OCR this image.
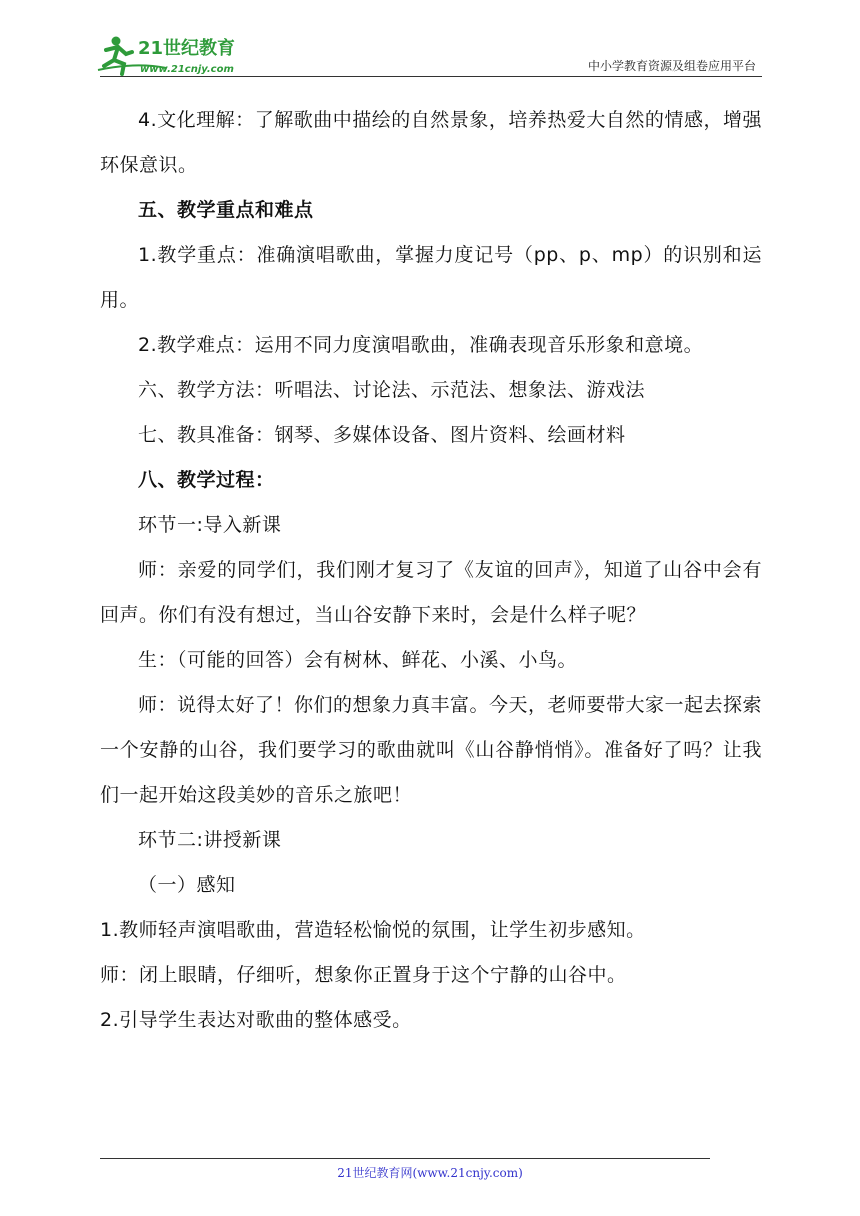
21世纪教育
www.21cnjy.com	中小学教育资源及组卷应用平台

4.文化理解：了解歌曲中描绘的自然景象，培养热爱大自然的情感，增强环保意识。

五、教学重点和难点

1.教学重点：准确演唱歌曲，掌握力度记号（pp、p、mp）的识别和运用。

2.教学难点：运用不同力度演唱歌曲，准确表现音乐形象和意境。

六、教学方法：听唱法、讨论法、示范法、想象法、游戏法

七、教具准备：钢琴、多媒体设备、图片资料、绘画材料

八、教学过程：

环节一:导入新课

师：亲爱的同学们，我们刚才复习了《友谊的回声》，知道了山谷中会有回声。你们有没有想过，当山谷安静下来时，会是什么样子呢？

生：（可能的回答）会有树林、鲜花、小溪、小鸟。

师：说得太好了！你们的想象力真丰富。今天，老师要带大家一起去探索一个安静的山谷，我们要学习的歌曲就叫《山谷静悄悄》。准备好了吗？让我们一起开始这段美妙的音乐之旅吧！

环节二:讲授新课

（一）感知

1.教师轻声演唱歌曲，营造轻松愉悦的氛围，让学生初步感知。

师：闭上眼睛，仔细听，想象你正置身于这个宁静的山谷中。

2.引导学生表达对歌曲的整体感受。

21世纪教育网(www.21cnjy.com)
